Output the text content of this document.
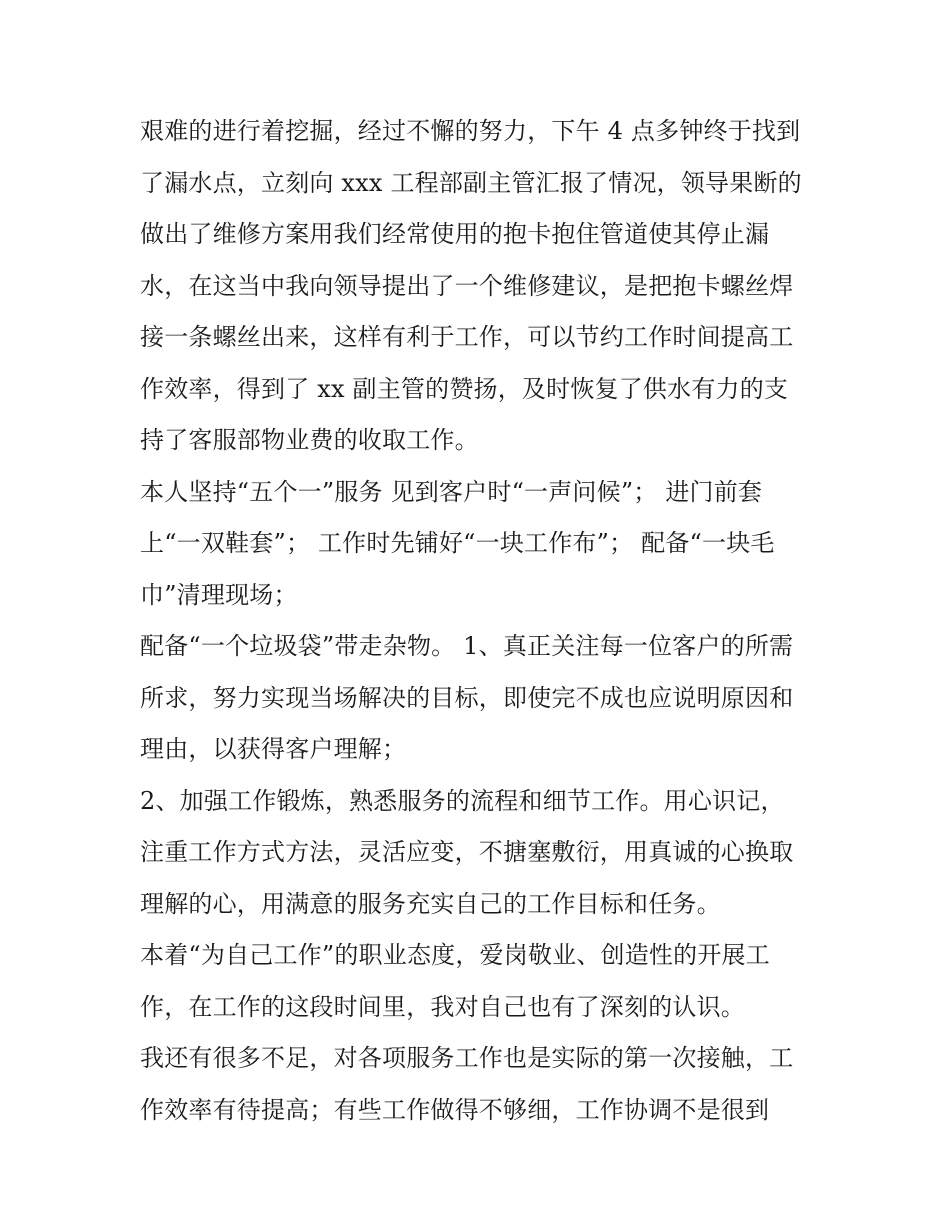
艰难的进行着挖掘，经过不懈的努力，下午 4 点多钟终于找到
了漏水点，立刻向 xxx 工程部副主管汇报了情况，领导果断的
做出了维修方案用我们经常使用的抱卡抱住管道使其停止漏
水，在这当中我向领导提出了一个维修建议，是把抱卡螺丝焊
接一条螺丝出来，这样有利于工作，可以节约工作时间提高工
作效率，得到了 xx 副主管的赞扬，及时恢复了供水有力的支
持了客服部物业费的收取工作。
本人坚持“五个一”服务 见到客户时“一声问候”； 进门前套
上“一双鞋套”； 工作时先铺好“一块工作布”； 配备“一块毛
巾”清理现场；
配备“一个垃圾袋”带走杂物。 1、真正关注每一位客户的所需
所求，努力实现当场解决的目标，即使完不成也应说明原因和
理由，以获得客户理解；
2、加强工作锻炼，熟悉服务的流程和细节工作。用心识记，
注重工作方式方法，灵活应变，不搪塞敷衍，用真诚的心换取
理解的心，用满意的服务充实自己的工作目标和任务。
本着“为自己工作”的职业态度，爱岗敬业、创造性的开展工
作，在工作的这段时间里，我对自己也有了深刻的认识。
我还有很多不足，对各项服务工作也是实际的第一次接触，工
作效率有待提高；有些工作做得不够细，工作协调不是很到
